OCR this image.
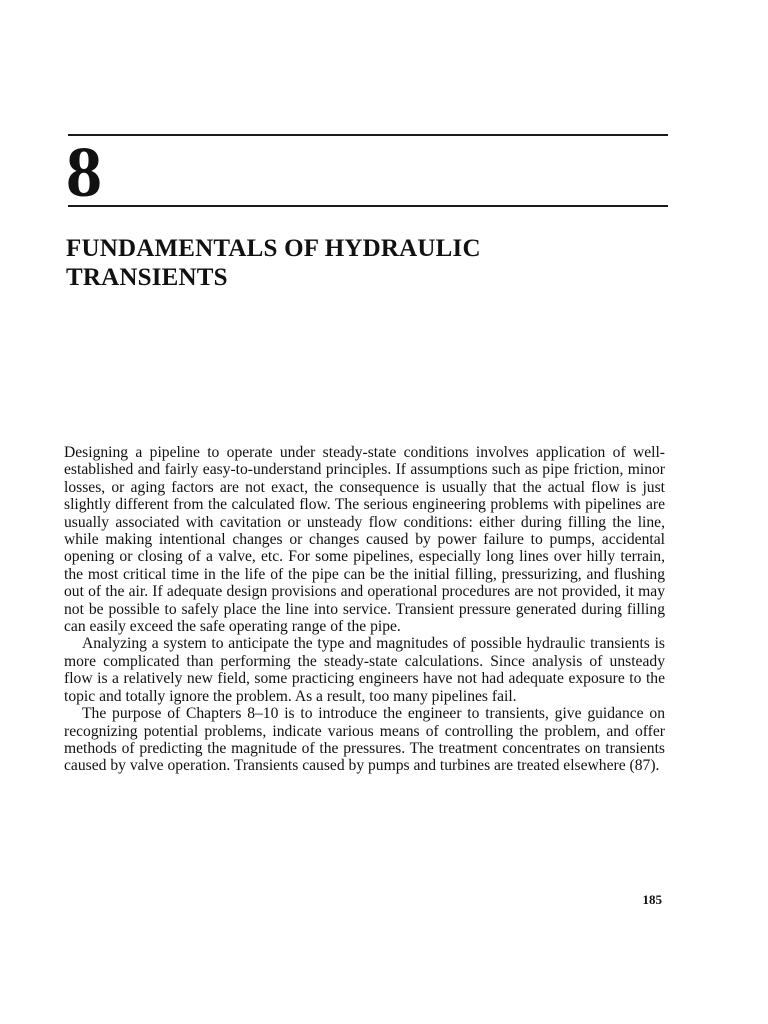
8
FUNDAMENTALS OF HYDRAULIC
TRANSIENTS

Designing a pipeline to operate under steady-state conditions involves application of well-established and fairly easy-to-understand principles. If assumptions such as pipe friction, minor losses, or aging factors are not exact, the consequence is usually that the actual flow is just slightly different from the calculated flow. The serious engineering problems with pipelines are usually associated with cavitation or unsteady flow conditions: either during filling the line, while making intentional changes or changes caused by power failure to pumps, accidental opening or closing of a valve, etc. For some pipelines, especially long lines over hilly terrain, the most critical time in the life of the pipe can be the initial filling, pressurizing, and flushing out of the air. If adequate design provisions and operational procedures are not provided, it may not be possible to safely place the line into service. Transient pressure generated during filling can easily exceed the safe operating range of the pipe.

Analyzing a system to anticipate the type and magnitudes of possible hydraulic transients is more complicated than performing the steady-state calculations. Since analysis of unsteady flow is a relatively new field, some practicing engineers have not had adequate exposure to the topic and totally ignore the problem. As a result, too many pipelines fail.

The purpose of Chapters 8–10 is to introduce the engineer to transients, give guidance on recognizing potential problems, indicate various means of controlling the problem, and offer methods of predicting the magnitude of the pressures. The treatment concentrates on transients caused by valve operation. Transients caused by pumps and turbines are treated elsewhere (87).

185
